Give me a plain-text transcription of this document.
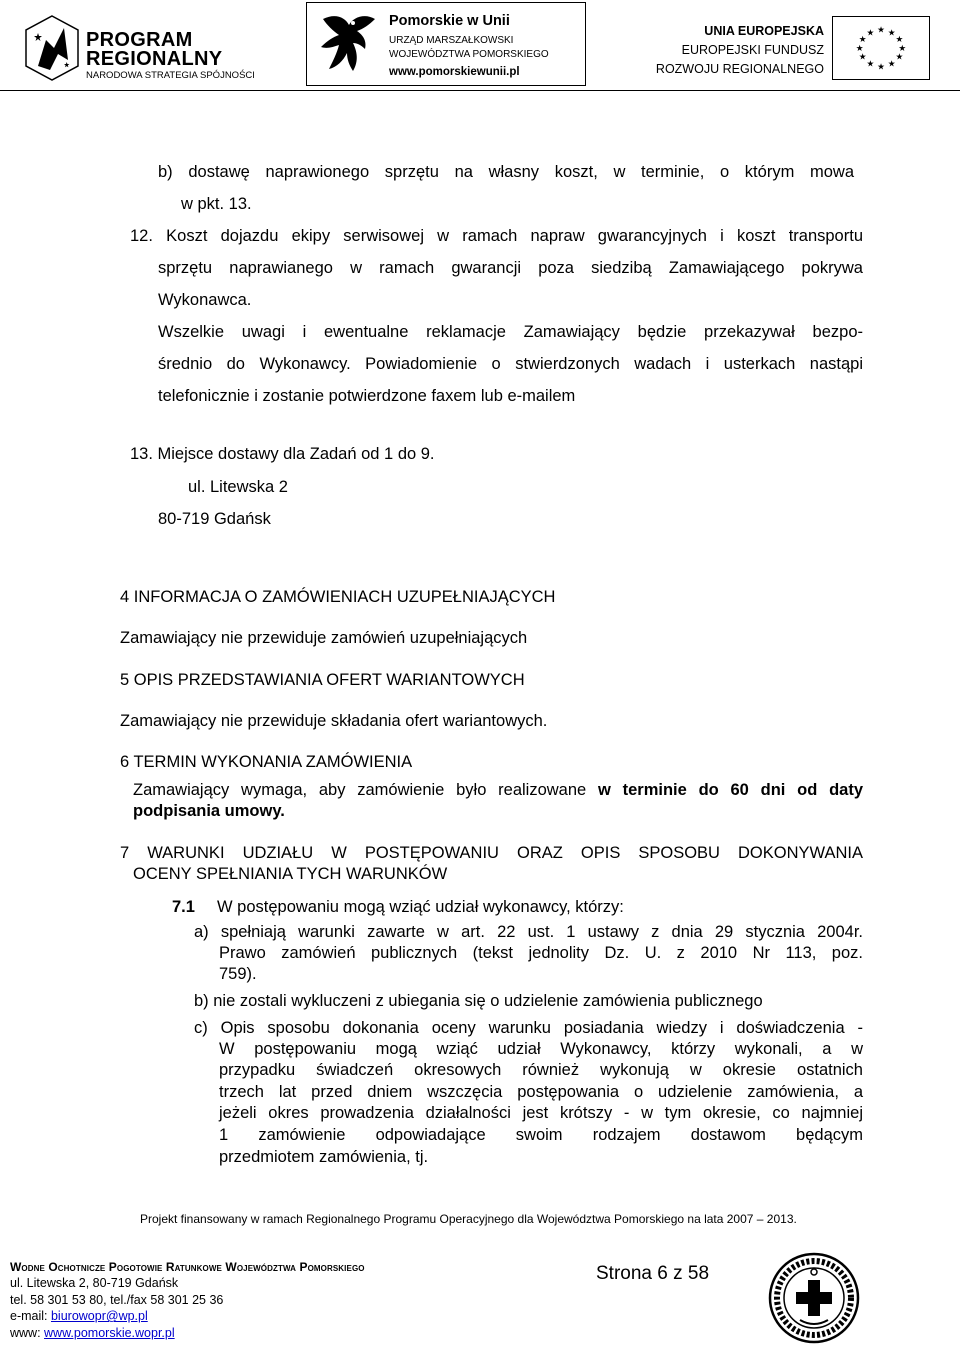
PROGRAM
REGIONALNY
NARODOWA STRATEGIA SPÓJNOŚCI
Pomorskie w Unii
URZĄD MARSZAŁKOWSKI
WOJEWÓDZTWA POMORSKIEGO
www.pomorskiewunii.pl
UNIA EUROPEJSKA
EUROPEJSKI FUNDUSZ
ROZWOJU REGIONALNEGO
★ ★
★
★
★
★
★
★
★
★
★
★
b) dostawę naprawionego sprzętu na własny koszt, w terminie, o którym mowa
w pkt. 13.
12. Koszt dojazdu ekipy serwisowej w ramach napraw gwarancyjnych i koszt transportu
sprzętu naprawianego w ramach gwarancji poza siedzibą Zamawiającego pokrywa
Wykonawca.
Wszelkie uwagi i ewentualne reklamacje Zamawiający będzie przekazywał bezpo-
średnio do Wykonawcy. Powiadomienie o stwierdzonych wadach i usterkach nastąpi
telefonicznie i zostanie potwierdzone faxem lub e-mailem
13. Miejsce dostawy dla Zadań od 1 do 9.
ul. Litewska 2
80-719 Gdańsk
4 INFORMACJA O ZAMÓWIENIACH UZUPEŁNIAJĄCYCH
Zamawiający nie przewiduje zamówień uzupełniających
5 OPIS PRZEDSTAWIANIA OFERT WARIANTOWYCH
Zamawiający nie przewiduje składania ofert wariantowych.
6 TERMIN WYKONANIA ZAMÓWIENIA
Zamawiający wymaga, aby zamówienie było realizowane w terminie do 60 dni od daty
podpisania umowy.
7 WARUNKI UDZIAŁU W POSTĘPOWANIU ORAZ OPIS SPOSOBU DOKONYWANIA
OCENY SPEŁNIANIA TYCH WARUNKÓW
7.1 W postępowaniu mogą wziąć udział wykonawcy, którzy:
a) spełniają warunki zawarte w art. 22 ust. 1 ustawy z dnia 29 stycznia 2004r.
Prawo zamówień publicznych (tekst jednolity Dz. U. z 2010 Nr 113, poz.
759).
b) nie zostali wykluczeni z ubiegania się o udzielenie zamówienia publicznego
c) Opis sposobu dokonania oceny warunku posiadania wiedzy i doświadczenia -
W postępowaniu mogą wziąć udział Wykonawcy, którzy wykonali, a w
przypadku świadczeń okresowych również wykonują w okresie ostatnich
trzech lat przed dniem wszczęcia postępowania o udzielenie zamówienia, a
jeżeli okres prowadzenia działalności jest krótszy - w tym okresie, co najmniej
1 zamówienie odpowiadające swoim rodzajem dostawom będącym
przedmiotem zamówienia, tj.
Projekt finansowany w ramach Regionalnego Programu Operacyjnego dla Województwa Pomorskiego na lata 2007 – 2013.
Wodne Ochotnicze Pogotowie Ratunkowe Województwa Pomorskiego
ul. Litewska 2, 80-719 Gdańsk
tel. 58 301 53 80, tel./fax 58 301 25 36
e-mail: biurowopr@wp.pl
www: www.pomorskie.wopr.pl
Strona 6 z 58
